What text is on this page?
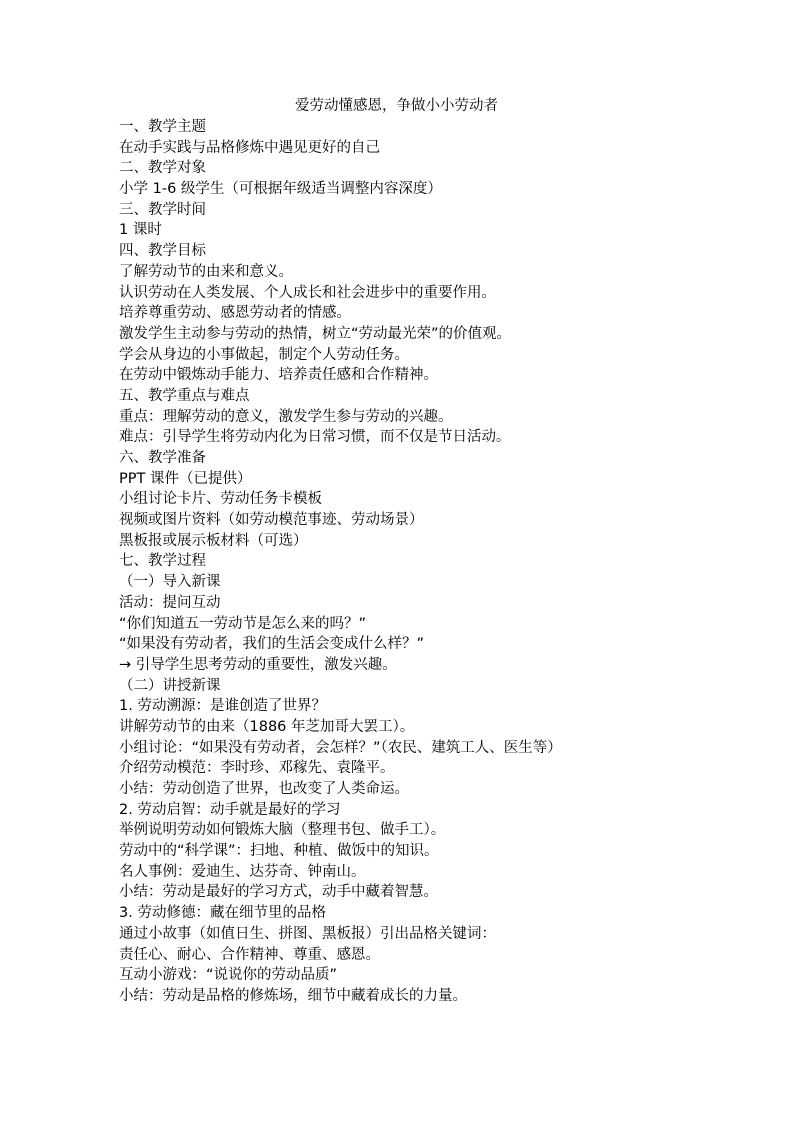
爱劳动懂感恩，争做小小劳动者
一、教学主题
在动手实践与品格修炼中遇见更好的自己
二、教学对象
小学 1-6 级学生（可根据年级适当调整内容深度）
三、教学时间
1 课时
四、教学目标
了解劳动节的由来和意义。
认识劳动在人类发展、个人成长和社会进步中的重要作用。
培养尊重劳动、感恩劳动者的情感。
激发学生主动参与劳动的热情，树立“劳动最光荣”的价值观。
学会从身边的小事做起，制定个人劳动任务。
在劳动中锻炼动手能力、培养责任感和合作精神。
五、教学重点与难点
重点：理解劳动的意义，激发学生参与劳动的兴趣。
难点：引导学生将劳动内化为日常习惯，而不仅是节日活动。
六、教学准备
PPT 课件（已提供）
小组讨论卡片、劳动任务卡模板
视频或图片资料（如劳动模范事迹、劳动场景）
黑板报或展示板材料（可选）
七、教学过程
（一）导入新课
活动：提问互动
“你们知道五一劳动节是怎么来的吗？”
“如果没有劳动者，我们的生活会变成什么样？”
→ 引导学生思考劳动的重要性，激发兴趣。
（二）讲授新课
1. 劳动溯源：是谁创造了世界？
讲解劳动节的由来（1886 年芝加哥大罢工）。
小组讨论：“如果没有劳动者，会怎样？”（农民、建筑工人、医生等）
介绍劳动模范：李时珍、邓稼先、袁隆平。
小结：劳动创造了世界，也改变了人类命运。
2. 劳动启智：动手就是最好的学习
举例说明劳动如何锻炼大脑（整理书包、做手工）。
劳动中的“科学课”：扫地、种植、做饭中的知识。
名人事例：爱迪生、达芬奇、钟南山。
小结：劳动是最好的学习方式，动手中藏着智慧。
3. 劳动修德：藏在细节里的品格
通过小故事（如值日生、拼图、黑板报）引出品格关键词：
责任心、耐心、合作精神、尊重、感恩。
互动小游戏：“说说你的劳动品质”
小结：劳动是品格的修炼场，细节中藏着成长的力量。
